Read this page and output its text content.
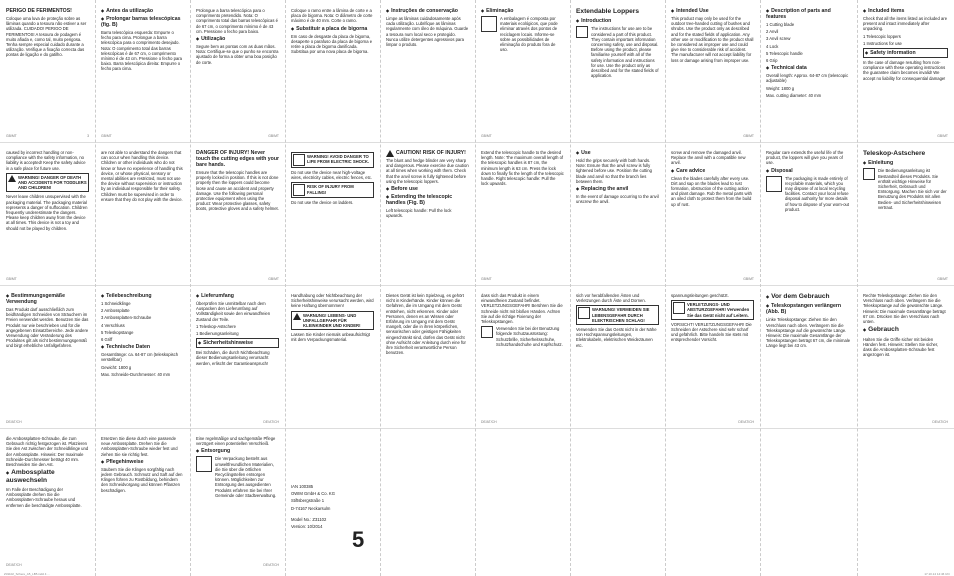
PERIGO DE FERIMENTOS!

Coloque uma luva de proteção sobre as lâminas quando a tesoura não estiver a ser utilizada. CUIDADO! PERIGO DE FERIMENTOS! A tesoura de podagem é muito afiada e, como tal, muito perigosa. Tenha sempre especial cuidado durante a utilização. Verifique a fixação correcta das pontas de ligação e do gatilho.

GB/MT	3
◆ Antes da utilização
◆ Prolongar barras telescópicas (fig. B)

Barra telescópica esquerda: Empurre o fecho para cima. Prolongue a barra telescópica para o comprimento desejado. Nota: O comprimento total das barras telescópicas é de 67 cm, o comprimento mínimo é de 43 cm. Pressione o fecho para baixo. Barra telescópica direita: Empurre o fecho para cima.

GB/MT

Prolongue a barra telescópica para o comprimento pretendido. Nota: O comprimento total das barras telescópicas é de 67 cm, o comprimento mínimo é de 43 cm. Pressione o fecho para baixo.

◆ Utilização

Segure bem as pontas com as duas mãos. Nota: Certifique-se que o punho se encontra ajustado de forma a obter uma boa posição de corte.

GB/MT

Coloque o ramo entre a lâmina de corte e a placa de bigorna. Nota: O diâmetro de corte máximo é de 40 mm. Corte o ramo.

◆ Substituir a placa de bigorna

Em caso de desgaste da placa de bigorna, desaperte o parafuso da placa de bigorna e retire a placa de bigorna danificada. Substitua por uma nova placa de bigorna.

◆ Instruções de conservação

Limpe as lâminas cuidadosamente após cada utilização. Lubrifique as lâminas regularmente com óleo de máquina. Guarde a tesoura num local seco e protegido. Nunca utilize detergentes agressivos para limpar o produto.

◆ Eliminação

A embalagem é composta por materiais ecológicos, que pode eliminar através dos pontos de reciclagem locais. Informe-se sobre as possibilidades de eliminação do produto fora de uso.

GB/MT
Extendable Loppers
◆ Introduction

The instructions for use are to be considered a part of this product. They contain important information concerning safety, use and disposal. Before using the product, please familiarise yourself with all of the safety information and instructions for use. Use the product only as described and for the stated fields of application.

◆ Intended Use

This product may only be used for the outdoor tree-handed cutting of bushes and shrubs. Use the product only as described and for the stated fields of application. Any other use or modification to the product shall be considered as improper use and could give rise to considerable risk of accident. The manufacturer will not accept liability for loss or damage arising from improper use.

GB/MT
◆ Description of parts and features

1 Cutting blade

2 Anvil

3 Anvil screw

4 Lock

5 Telescopic handle

6 Grip

◆ Technical data

Overall length: Approx. 64-87 cm (telescopic adjustable)

Weight: 1800 g

Max. cutting diameter: 40 mm

◆ Included items

Check that all the items listed as included are present and intact immediately after unpacking.

1 Telescopic loppers

1 Instructions for use

◆ Safety information

In the case of damage resulting from non-compliance with these operating instructions the guarantee claim becomes invalid! We accept no liability for consequential damage!

GB/MT

caused by incorrect handling or non-compliance with the safety information, no liability is accepted! Keep the safety advice in a safe place for future use.

WARNING! DANGER OF DEATH AND ACCIDENTS FOR TODDLERS AND CHILDREN!

Never leave children unsupervised with the packaging material. The packaging material represents a danger of suffocation. Children frequently underestimate the dangers. Please keep children away from the device at all times. This device is not a toy and should not be played by children.

GB/MT

are not able to understand the dangers that can occur when handling this device. Children or other individuals who do not know or have no experience of handling this device, or whose physical, sensory or mental abilities are restricted, must not use the device without supervision or instruction by an individual responsible for their safety. Children must be supervised in order to ensure that they do not play with the device.

DANGER OF INJURY! Never touch the cutting edges with your bare hands.

Ensure that the telescopic handles are properly locked in position. If this is not done properly then the loppers could become loose and cause an accident and property damage. Use the following personal protective equipment when using the product: Wear protective glasses, safety boots, protective gloves and a safety helmet.

GB/MT
WARNING! AVOID DANGER TO LIFE FROM ELECTRIC SHOCK.

Do not use the device near high-voltage wires, electricity cables, electric fences, etc.

RISK OF INJURY FROM FALLING!

Do not use the device on ladders.

CAUTION! RISK OF INJURY!

The blunt and hedge blinder are very sharp and dangerous. Please exercise due caution at all times when working with them. Check that the anvil screw is fully tightened before using the telescopic loppers.

◆ Before use
◆ Extending the telescopic handles (Fig. B)

Left telescopic handle: Pull the lock upwards.

Extend the telescopic handle to the desired length. Note: The maximum overall length of the telescopic handles is 87 cm, the minimum length is 63 cm. Press the lock down to finally fix the length of the telescopic handle. Right telescopic handle: Pull the lock upwards.

GB/MT
◆ Use

Hold the grips securely with both hands. Note: Ensure that the anvil screw is fully tightened before use. Position the cutting blade and anvil so that the branch lies between them.

◆ Replacing the anvil

In the event of damage occurring to the anvil unscrew the anvil.

screw and remove the damaged anvil. Replace the anvil with a compatible new anvil.

◆ Care advice

Clean the blades carefully after every use. Dirt and sap on the blades lead to rust formation, obstruction of the cutting action and plant damage. Rub the metal parts with an oiled cloth to protect them from the build up of rust.

GB/MT

Regular care extends the useful life of the product, the loppers will give you years of use.

◆ Disposal

The packaging is made entirely of recyclable materials, which you may dispose of at local recycling facilities. Contact your local refuse disposal authority for more details of how to dispose of your worn-out product.

Teleskop-Astschere
◆ Einleitung

Die Bedienungsanleitung ist Bestandteil dieses Produkts. Sie enthält wichtige Hinweise für Sicherheit, Gebrauch und Entsorgung. Machen Sie sich vor der Benutzung des Produkts mit allen Bedien- und Sicherheitshinweisen vertraut.

GB/MT
◆ Bestimmungsgemäße Verwendung

Das Produkt darf ausschließlich zum beidhändigen Schneiden von Sträuchern im Freien verwendet werden. Benutzen Sie das Produkt nur wie beschrieben und für die angegebenen Einsatzbereiche. Jede andere Verwendung oder Veränderung des Produktes gilt als nicht bestimmungsgemäß und birgt erhebliche Unfallgefahren.

DE/AT/CH
◆ Teilebeschreibung

1 Schneidklinge

2 Ambossplatte

3 Ambossplatten-Schraube

4 Verschluss

5 Teleskopstange

6 Griff

◆ Technische Daten

Gesamtlänge: ca. 64-87 cm (teleskopisch verstellbar)

Gewicht: 1800 g

Max. Schneide-Durchmesser: 40 mm

◆ Lieferumfang

Überprüfen Sie unmittelbar nach dem Auspacken den Lieferumfang auf Vollständigkeit sowie den einwandfreien Zustand der Teile.

1 Teleskop-Astschere

1 Bedienungsanleitung

◆ Sicherheitshinweise

Bei Schäden, die durch Nichtbeachtung dieser Bedienungsanleitung verursacht werden, erlischt der Garantieanspruch!

DE/AT/CH

Handhabung oder Nichtbeachtung der Sicherheitshinweise verursacht werden, wird keine Haftung übernommen!

WARNUNG! LEBENS- UND UNFALLGEFAHR FÜR KLEINKINDER UND KINDER!

Lassen Sie Kinder niemals unbeaufsichtigt mit dem Verpackungsmaterial.

Dieses Gerät ist kein Spielzeug, es gehört nicht in Kinderhände. Kinder können die Gefahren, die im Umgang mit dem Gerät entstehen, nicht erkennen. Kinder oder Personen, denen es an Wissen oder Erfahrung im Umgang mit dem Gerät mangelt, oder die in ihren körperlichen, sensorischen oder geistigen Fähigkeiten eingeschränkt sind, dürfen das Gerät nicht ohne Aufsicht oder Anleitung durch eine für ihre Sicherheit verantwortliche Person benutzen.

dass sich das Produkt in einem einwandfreien Zustand befindet. VERLETZUNGSGEFAHR! Berühren Sie die Schneide nicht mit bloßen Händen. Achten Sie auf die richtige Fixierung der Teleskopstangen.

Verwenden Sie bei der Benutzung folgende Schutzausrüstung: Schutzbrille, Sicherheitsschuhe, Schutzhandschuhe und Kopfschutz.

DE/AT/CH

sich vor herabfallenden Ästen und Verletzungen durch Äste und Dornen.

WARNUNG! VERMEIDEN SIE LEBENSGEFAHR DURCH ELEKTRISCHEN SCHLAG!

Verwenden Sie das Gerät nicht in der Nähe von Hochspannungsleitungen, Elektrokabeln, elektrischen Weidezäunen etc.

spannungsleitungen geschützt.

VERLETZUNGS- UND ABSTURZGEFAHR! Verwenden Sie das Gerät nicht auf Leitern.

VORSICHT! VERLETZUNGSGEFAHR! Die Schneiden der Astschere sind sehr scharf und gefährlich. Bitte handeln Sie stets mit entsprechender Vorsicht.

DE/AT/CH
◆ Vor dem Gebrauch
◆ Teleskopstangen verlängern (Abb. B)

Linke Teleskopstange: Ziehen Sie den Verschluss nach oben. Verlängern Sie die Teleskopstange auf die gewünschte Länge. Hinweis: Die maximale Gesamtlänge der Teleskopstangen beträgt 67 cm, die minimale Länge liegt bei 43 cm.

Rechte Teleskopstange: Ziehen Sie den Verschluss nach oben. Verlängern Sie die Teleskopstange auf die gewünschte Länge. Hinweis: Die maximale Gesamtlänge beträgt 67 cm. Drücken Sie den Verschluss nach unten.

◆ Gebrauch

Halten Sie die Griffe sicher mit beiden Händen fest. Hinweis: Stellen Sie sicher, dass die Ambossplatten-Schraube fest angezogen ist.

DE/AT/CH

die Ambossplatten-Schraube, die zum Gebrauch richtig festgezogen ist. Platzieren Sie den Ast zwischen der Schneidklinge und der Ambossplatte. Hinweis: Der maximale Schneide-Durchmesser beträgt 40 mm. Beschneiden Sie den Ast.

◆ Ambossplatte auswechseln

Im Falle der Beschädigung der Ambossplatte drehen Sie die Ambossplatten-Schraube heraus und entfernen die beschädigte Ambossplatte.

DE/AT/CH

Ersetzen Sie diese durch eine passende neue Ambossplatte. Drehen Sie die Ambossplatten-Schraube wieder fest und ziehen Sie sie richtig fest.

◆ Pflegehinweise

Säubern Sie die Klingen sorgfältig nach jedem Gebrauch. Schmutz und Saft auf den Klingen führen zu Rostbildung, behindern den Schneidvorgang und können Pflanzen beschädigen.

Eine regelmäßige und sachgemäße Pflege verzögert einen potentiellen Verschleiß.

◆ Entsorgung

Die Verpackung besteht aus umweltfreundlichen Materialien, die Sie über die örtlichen Recyclingstellen entsorgen können. Möglichkeiten zur Entsorgung des ausgedienten Produkts erfahren Sie bei Ihrer Gemeinde oder Stadtverwaltung.

DE/AT/CH

IAN 100385

OWIM GmbH & Co. KG

Stiftsbergstraße 1

D-74167 Neckarsulm

Model No.: Z31102

Version: 10/2014

5
Z31102_Schere_A5_LB5.indd 4 ...	17.10.14 14:46 Uhr
